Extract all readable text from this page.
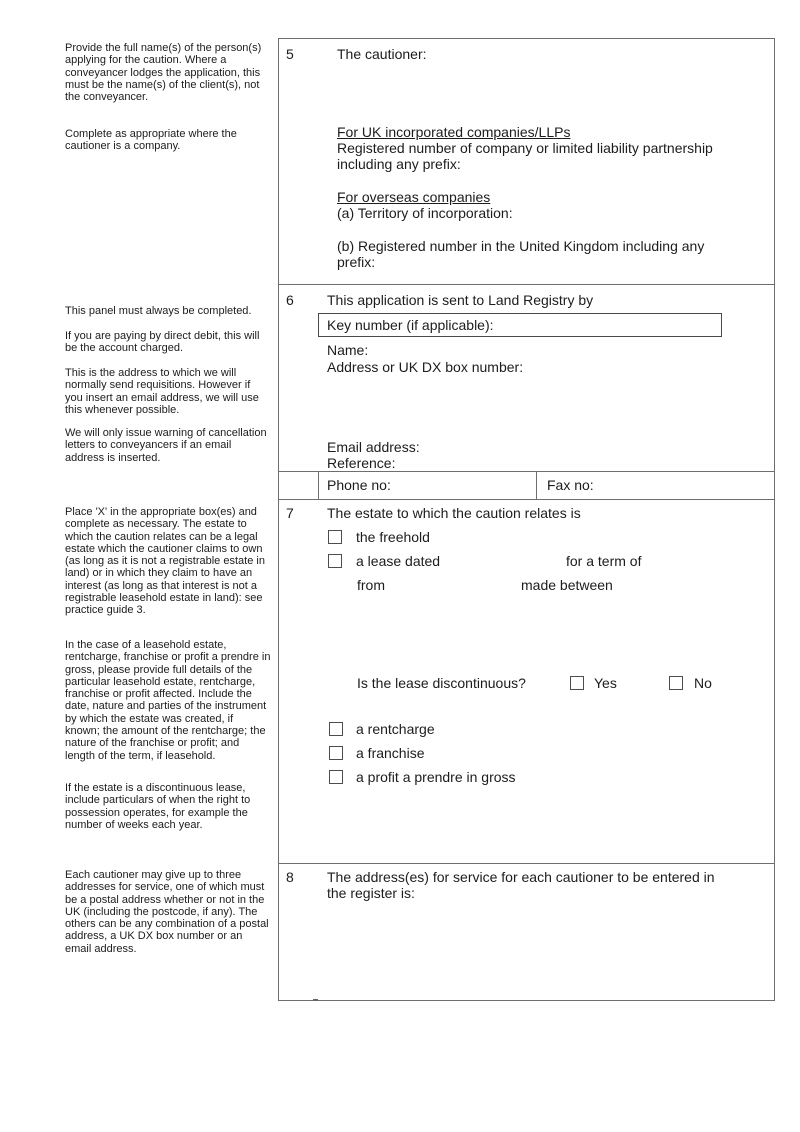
Provide the full name(s) of the person(s) applying for the caution. Where a conveyancer lodges the application, this must be the name(s) of the client(s), not the conveyancer.
Complete as appropriate where the cautioner is a company.
This panel must always be completed.
If you are paying by direct debit, this will be the account charged.
This is the address to which we will normally send requisitions. However if you insert an email address, we will use this whenever possible.
We will only issue warning of cancellation letters to conveyancers if an email address is inserted.
Place 'X' in the appropriate box(es) and complete as necessary. The estate to which the caution relates can be a legal estate which the cautioner claims to own (as long as it is not a registrable estate in land) or in which they claim to have an interest (as long as that interest is not a registrable leasehold estate in land): see practice guide 3.
In the case of a leasehold estate, rentcharge, franchise or profit a prendre in gross, please provide full details of the particular leasehold estate, rentcharge, franchise or profit affected. Include the date, nature and parties of the instrument by which the estate was created, if known; the amount of the rentcharge; the nature of the franchise or profit; and length of the term, if leasehold.
If the estate is a discontinuous lease, include particulars of when the right to possession operates, for example the number of weeks each year.
Each cautioner may give up to three addresses for service, one of which must be a postal address whether or not in the UK (including the postcode, if any). The others can be any combination of a postal address, a UK DX box number or an email address.
5	The cautioner:
For UK incorporated companies/LLPs
Registered number of company or limited liability partnership
including any prefix:
For overseas companies
(a) Territory of incorporation:
(b) Registered number in the United Kingdom including any
prefix:
6 This application is sent to Land Registry by
Key number (if applicable):
Name:
Address or UK DX box number:
Email address:
Reference:
Phone no:	Fax no:
7 The estate to which the caution relates is
the freehold
a lease dated	for a term of
from	made between
Is the lease discontinuous?	Yes	No
a rentcharge
a franchise
a profit a prendre in gross
8 The address(es) for service for each cautioner to be entered in
the register is:
